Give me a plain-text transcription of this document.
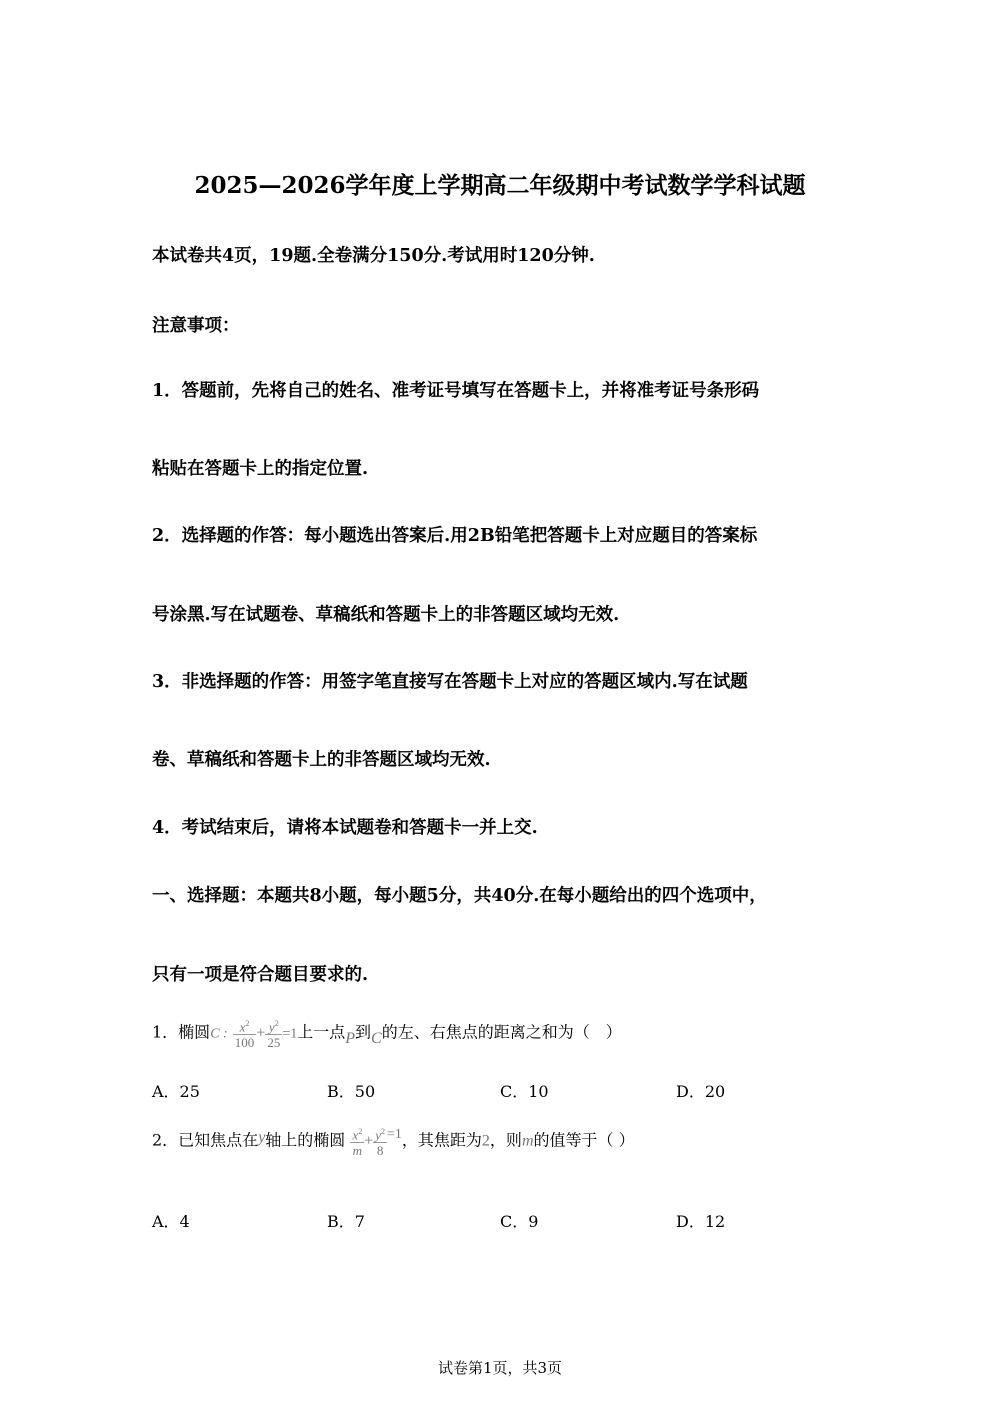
2025—2026学年度上学期高二年级期中考试数学学科试题
本试卷共4页，19题.全卷满分150分.考试用时120分钟.
注意事项：
1．答题前，先将自己的姓名、准考证号填写在答题卡上，并将准考证号条形码
粘贴在答题卡上的指定位置.
2．选择题的作答：每小题选出答案后.用2B铅笔把答题卡上对应题目的答案标
号涂黑.写在试题卷、草稿纸和答题卡上的非答题区域均无效.
3．非选择题的作答：用签字笔直接写在答题卡上对应的答题区域内.写在试题
卷、草稿纸和答题卡上的非答题区域均无效.
4．考试结束后，请将本试题卷和答题卡一并上交.
一、选择题：本题共8小题，每小题5分，共40分.在每小题给出的四个选项中，
只有一项是符合题目要求的.
1．椭圆C : $\frac{x^2}{100} + \frac{y^2}{25} =1$上一点P到C的左、右焦点的距离之和为（　）
A．25	B．50	C．10	D．20
2．已知焦点在y轴上的椭圆 $\frac{x^2}{m} + \frac{y^2}{8} =1$，其焦距为2，则m的值等于（ ）
A．4	B．7	C．9	D．12
试卷第1页，共3页
